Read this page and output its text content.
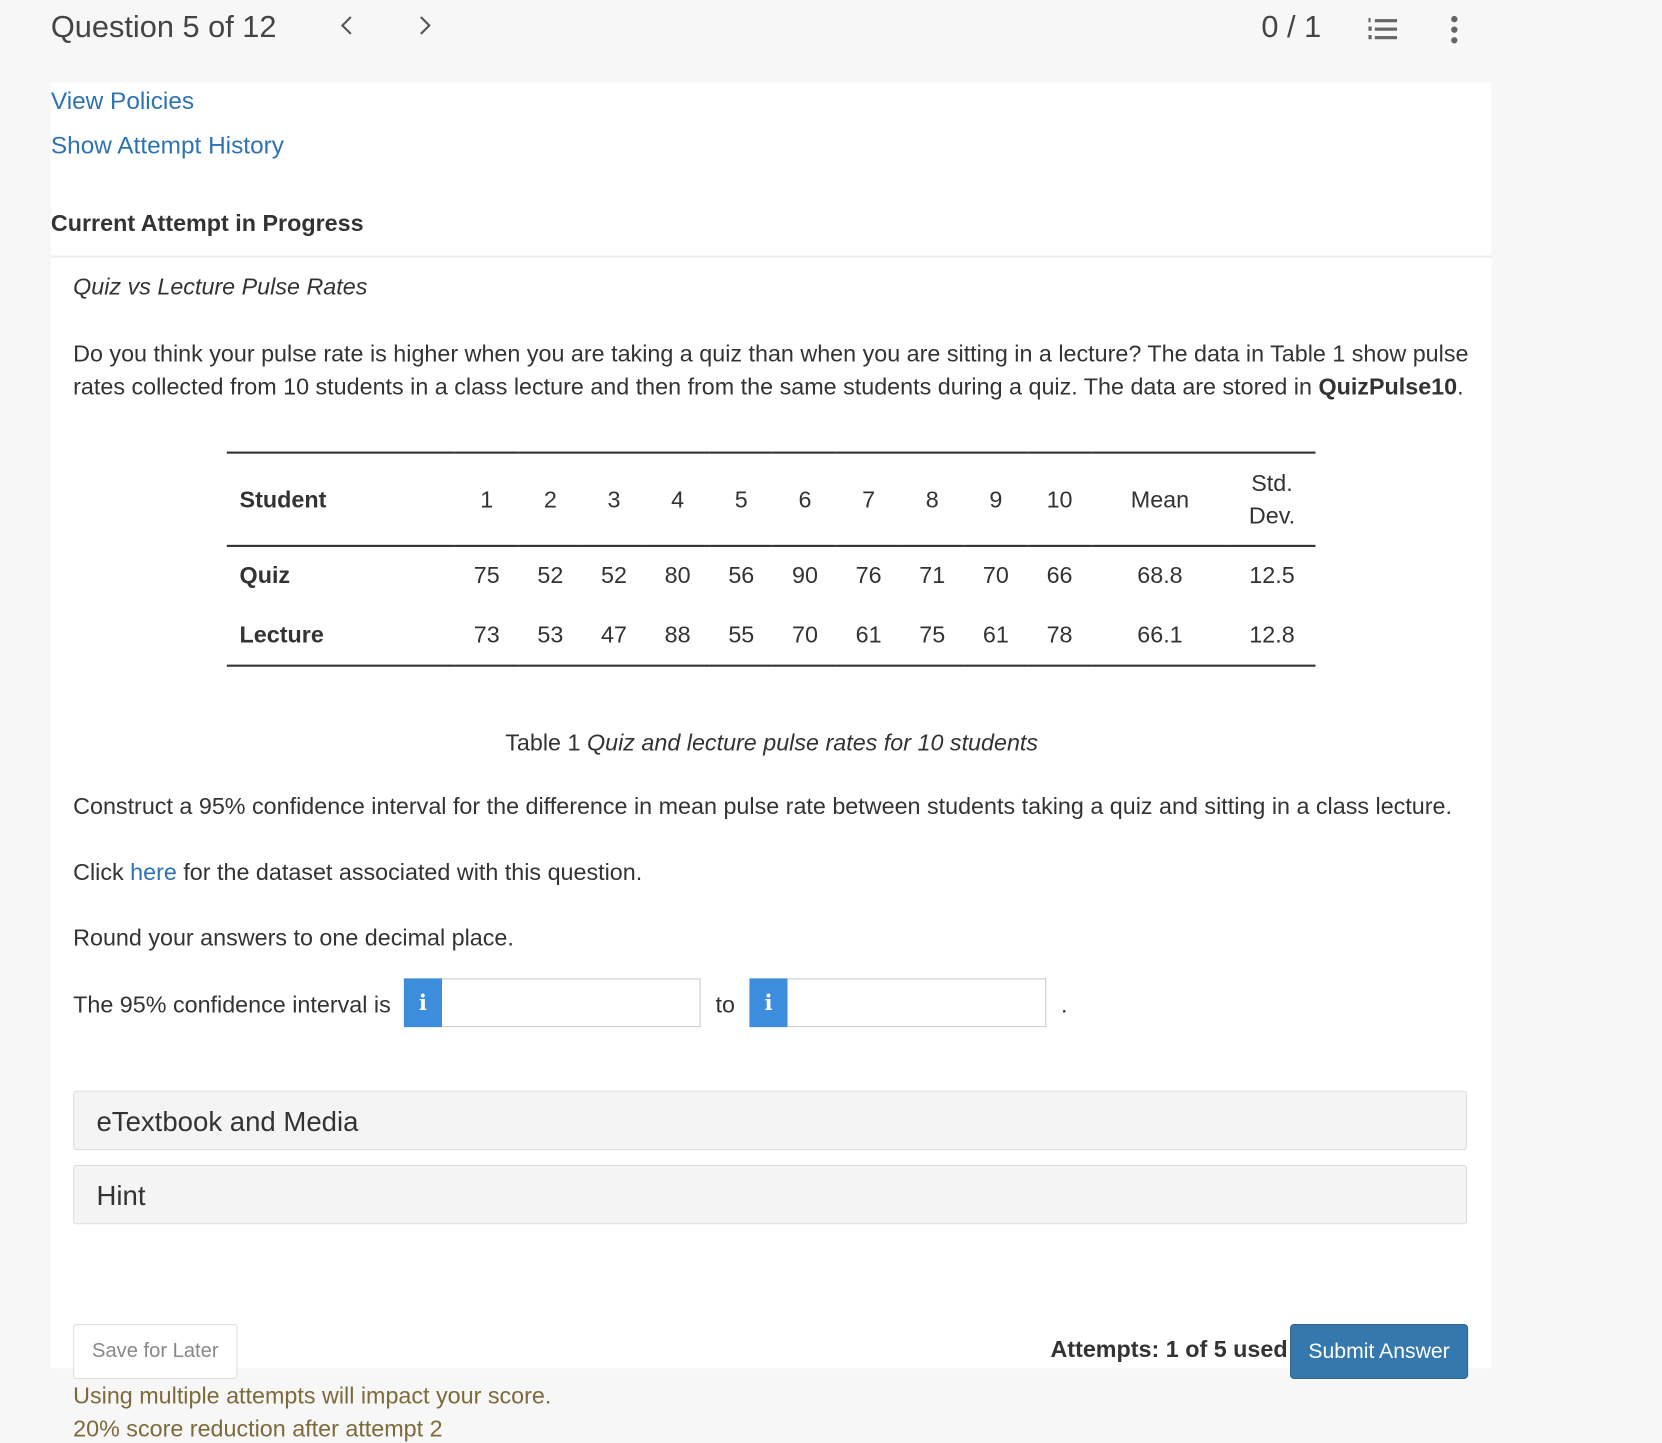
Question 5 of 12	0 / 1
View Policies
Show Attempt History
Current Attempt in Progress
Quiz vs Lecture Pulse Rates
Do you think your pulse rate is higher when you are taking a quiz than when you are sitting in a lecture? The data in Table 1 show pulse rates collected from 10 students in a class lecture and then from the same students during a quiz. The data are stored in QuizPulse10.
Student	1	2	3	4	5	6	7	8	9	10	Mean	Std. Dev.
Quiz	75	52	52	80	56	90	76	71	70	66	68.8	12.5
Lecture	73	53	47	88	55	70	61	75	61	78	66.1	12.8
Table 1 Quiz and lecture pulse rates for 10 students
Construct a 95% confidence interval for the difference in mean pulse rate between students taking a quiz and sitting in a class lecture.
Click here for the dataset associated with this question.
Round your answers to one decimal place.
The 95% confidence interval is	i	to	i	.
eTextbook and Media
Hint
Save for Later	Attempts: 1 of 5 used	Submit Answer
Using multiple attempts will impact your score.
20% score reduction after attempt 2
